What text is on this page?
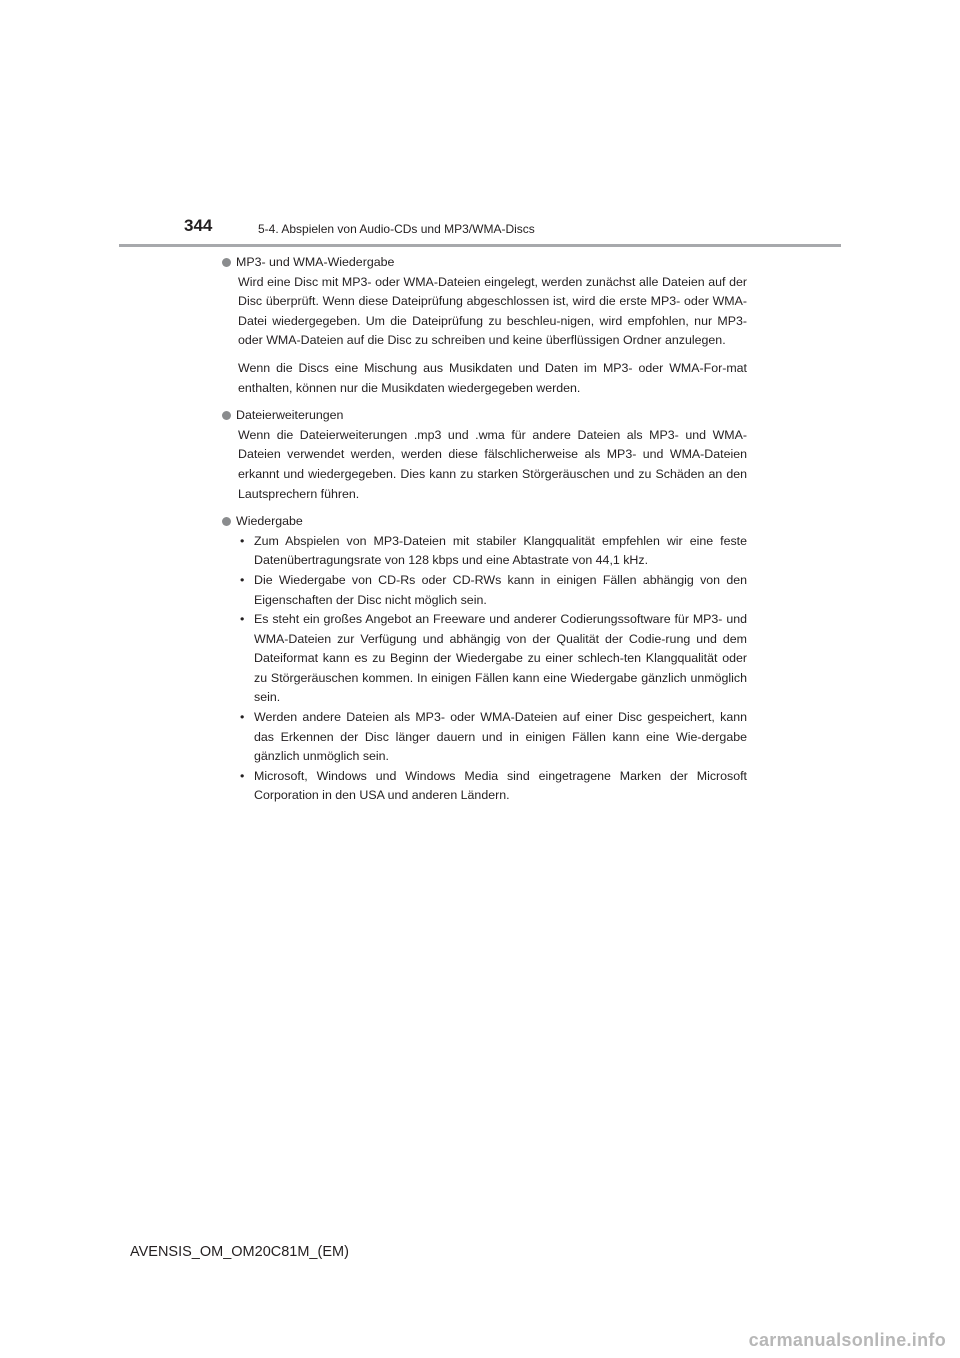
344	5-4. Abspielen von Audio-CDs und MP3/WMA-Discs
MP3- und WMA-Wiedergabe

Wird eine Disc mit MP3- oder WMA-Dateien eingelegt, werden zunächst alle Dateien auf der Disc überprüft. Wenn diese Dateiprüfung abgeschlossen ist, wird die erste MP3- oder WMA-Datei wiedergegeben. Um die Dateiprüfung zu beschleu-nigen, wird empfohlen, nur MP3- oder WMA-Dateien auf die Disc zu schreiben und keine überflüssigen Ordner anzulegen.

Wenn die Discs eine Mischung aus Musikdaten und Daten im MP3- oder WMA-For-mat enthalten, können nur die Musikdaten wiedergegeben werden.

Dateierweiterungen

Wenn die Dateierweiterungen .mp3 und .wma für andere Dateien als MP3- und WMA-Dateien verwendet werden, werden diese fälschlicherweise als MP3- und WMA-Dateien erkannt und wiedergegeben. Dies kann zu starken Störgeräuschen und zu Schäden an den Lautsprechern führen.

Wiedergabe
• Zum Abspielen von MP3-Dateien mit stabiler Klangqualität empfehlen wir eine feste Datenübertragungsrate von 128 kbps und eine Abtastrate von 44,1 kHz.
• Die Wiedergabe von CD-Rs oder CD-RWs kann in einigen Fällen abhängig von den Eigenschaften der Disc nicht möglich sein.
• Es steht ein großes Angebot an Freeware und anderer Codierungssoftware für MP3- und WMA-Dateien zur Verfügung und abhängig von der Qualität der Codie-rung und dem Dateiformat kann es zu Beginn der Wiedergabe zu einer schlech-ten Klangqualität oder zu Störgeräuschen kommen. In einigen Fällen kann eine Wiedergabe gänzlich unmöglich sein.
• Werden andere Dateien als MP3- oder WMA-Dateien auf einer Disc gespeichert, kann das Erkennen der Disc länger dauern und in einigen Fällen kann eine Wie-dergabe gänzlich unmöglich sein.
• Microsoft, Windows und Windows Media sind eingetragene Marken der Microsoft Corporation in den USA und anderen Ländern.
AVENSIS_OM_OM20C81M_(EM)
carmanualsonline.info
